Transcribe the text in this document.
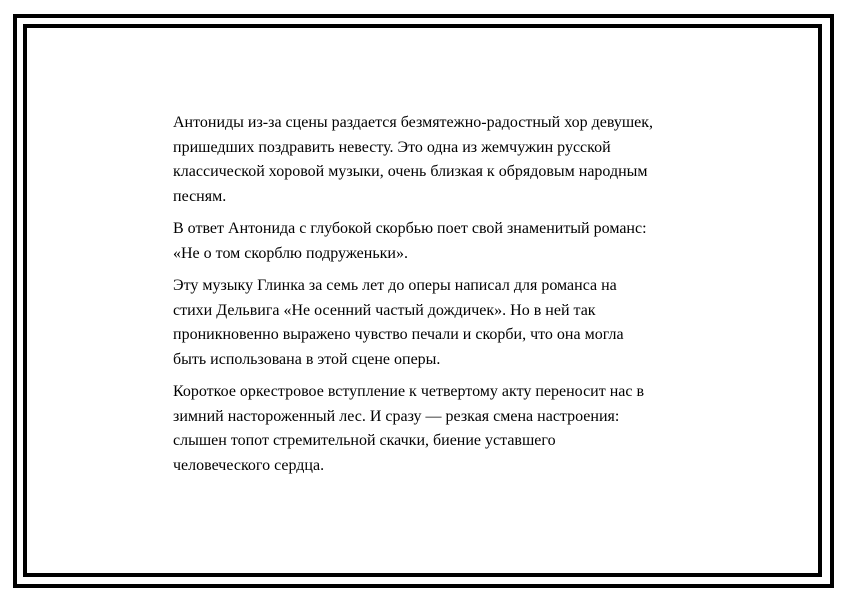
Антониды из-за сцены раздается безмятежно-радостный хор девушек,
пришедших поздравить невесту. Это одна из жемчужин русской
классической хоровой музыки, очень близкая к обрядовым народным
песням.

В ответ Антонида с глубокой скорбью поет свой знаменитый романс:
«Не о том скорблю подруженьки».

Эту музыку Глинка за семь лет до оперы написал для романса на
стихи Дельвига «Не осенний частый дождичек». Но в ней так
проникновенно выражено чувство печали и скорби, что она могла
быть использована в этой сцене оперы.

Короткое оркестровое вступление к четвертому акту переносит нас в
зимний настороженный лес. И сразу — резкая смена настроения:
слышен топот стремительной скачки, биение уставшего
человеческого сердца.
